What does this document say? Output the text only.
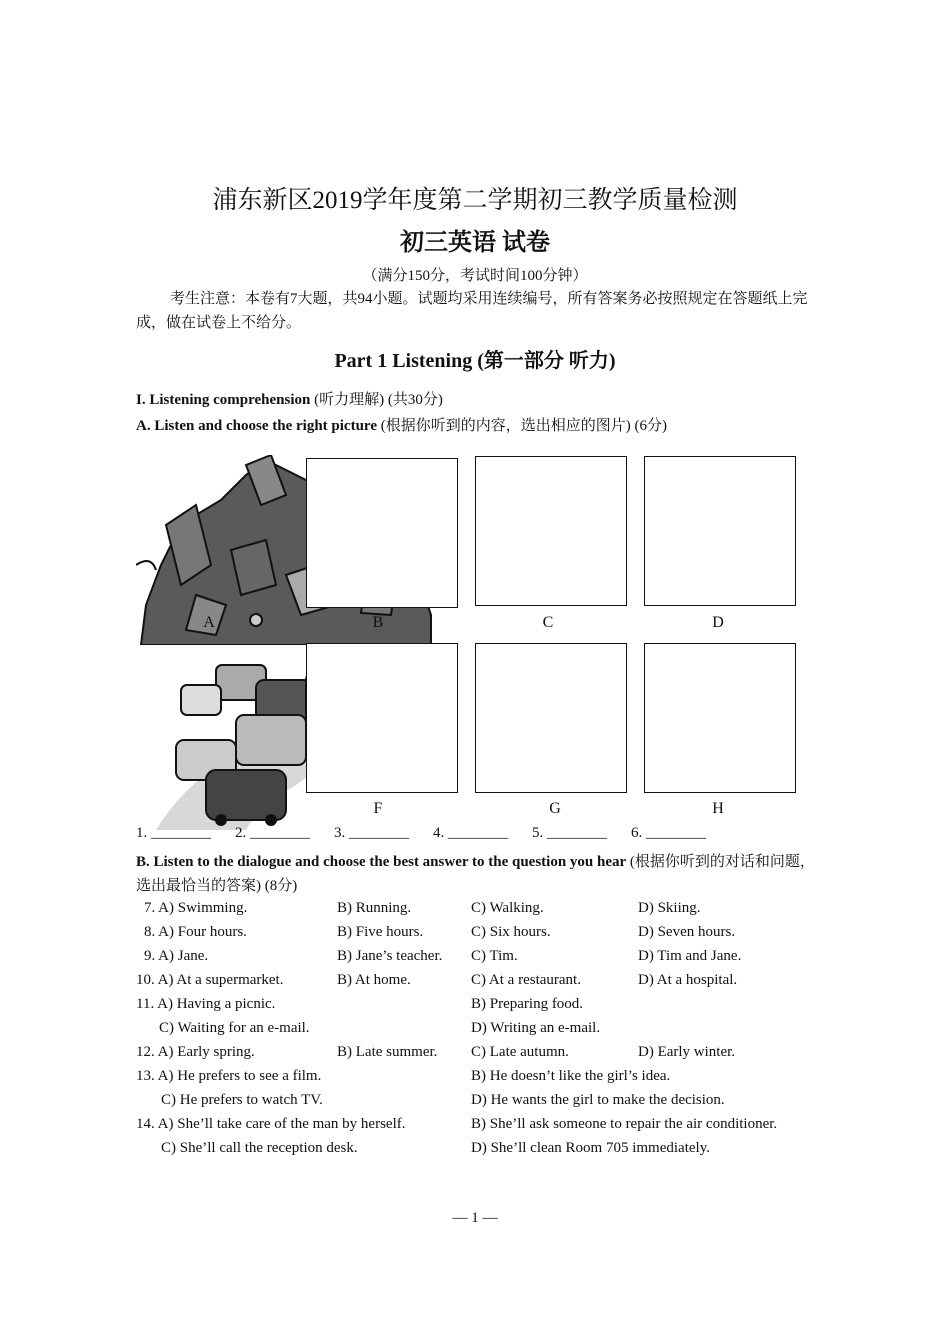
浦东新区2019学年度第二学期初三教学质量检测
初三英语 试卷
（满分150分，考试时间100分钟）
考生注意：本卷有7大题，共94小题。试题均采用连续编号，所有答案务必按照规定在答题纸上完成，做在试卷上不给分。
Part 1 Listening (第一部分 听力)
I. Listening comprehension (听力理解) (共30分)
A. Listen and choose the right picture (根据你听到的内容，选出相应的图片) (6分)
A	B	C	D
F	G	H
1. ________ 2. ________ 3. ________ 4. ________ 5. ________ 6. ________
B. Listen to the dialogue and choose the best answer to the question you hear (根据你听到的对话和问题，选出最恰当的答案) (8分)
7. A) Swimming.	B) Running.	C) Walking.	D) Skiing.
8. A) Four hours.	B) Five hours.	C) Six hours.	D) Seven hours.
9. A) Jane.	B) Jane’s teacher. C) Tim.	D) Tim and Jane.
10. A) At a supermarket.	B) At home.	C) At a restaurant.	D) At a hospital.
11. A) Having a picnic.	B) Preparing food.
C) Waiting for an e-mail.	D) Writing an e-mail.
12. A) Early spring.	B) Late summer. C) Late autumn.	D) Early winter.
13. A) He prefers to see a film.	B) He doesn’t like the girl’s idea.
C) He prefers to watch TV.	D) He wants the girl to make the decision.
14. A) She’ll take care of the man by herself.	B) She’ll ask someone to repair the air conditioner.
C) She’ll call the reception desk.	D) She’ll clean Room 705 immediately.
— 1 —
